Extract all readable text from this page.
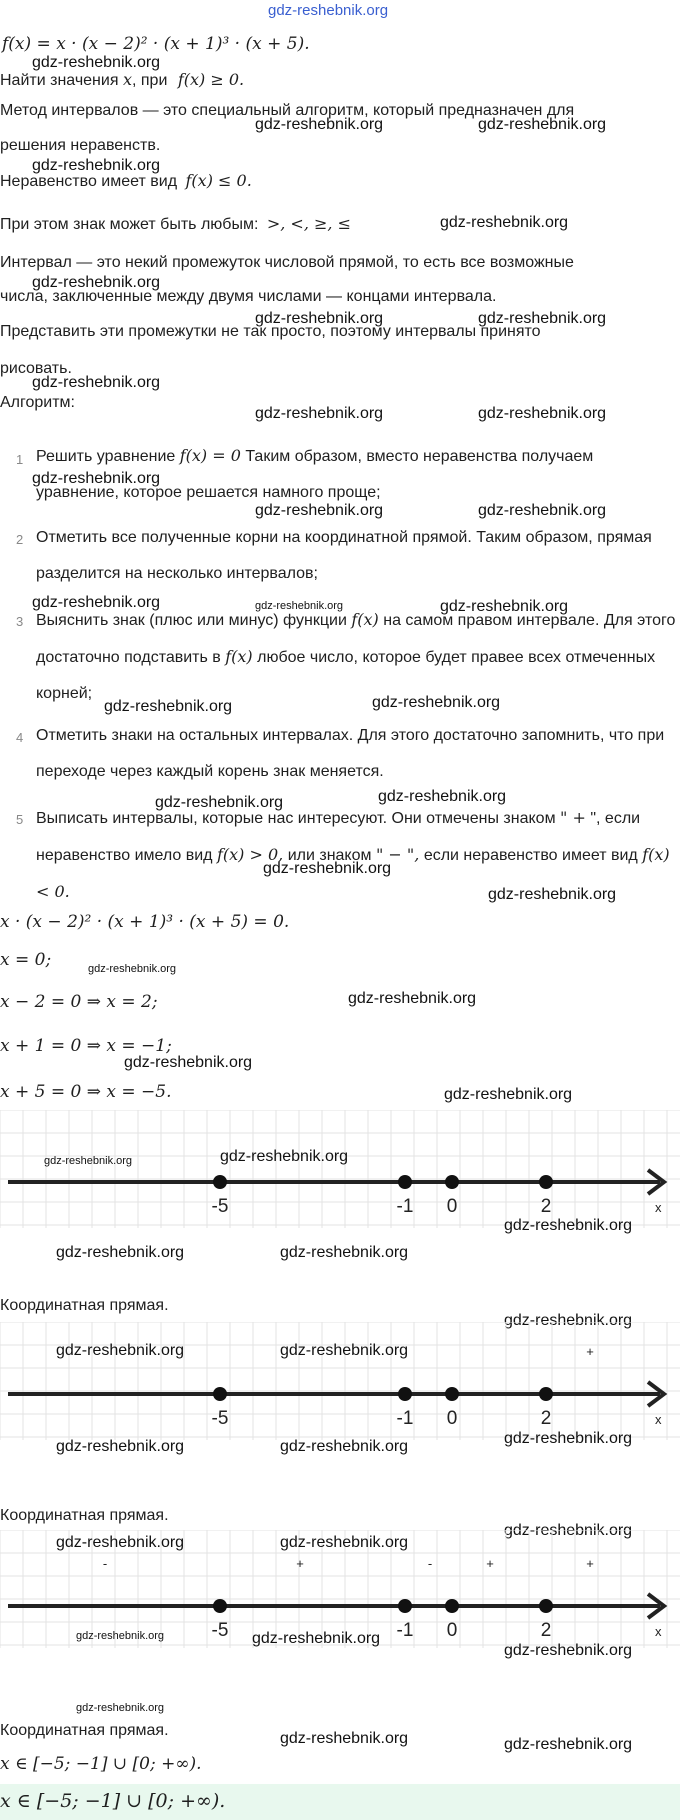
gdz-reshebnik.org
f(x) = x · (x − 2)² · (x + 1)³ · (x + 5).
gdz-reshebnik.org
Найти значения x, при f(x) ≥ 0.
Метод интервалов — это специальный алгоритм, который предназначен для
gdz-reshebnik.org	gdz-reshebnik.org
решения неравенств.
gdz-reshebnik.org
Неравенство имеет вид f(x) ≤ 0.
При этом знак может быть любым: >, <, ≥, ≤	gdz-reshebnik.org
Интервал — это некий промежуток числовой прямой, то есть все возможные
gdz-reshebnik.org
числа, заключенные между двумя числами — концами интервала.
gdz-reshebnik.org	gdz-reshebnik.org
Представить эти промежутки не так просто, поэтому интервалы принято
рисовать.
gdz-reshebnik.org
Алгоритм:
gdz-reshebnik.org	gdz-reshebnik.org
1 Решить уравнение f(x) = 0 Таким образом, вместо неравенства получаем уравнение, которое решается намного проще;
gdz-reshebnik.org
gdz-reshebnik.org	gdz-reshebnik.org
2 Отметить все полученные корни на координатной прямой. Таким образом, прямая разделится на несколько интервалов;
gdz-reshebnik.org	gdz-reshebnik.org	gdz-reshebnik.org
3 Выяснить знак (плюс или минус) функции f(x) на самом правом интервале. Для этого достаточно подставить в f(x) любое число, которое будет правее всех отмеченных корней;
gdz-reshebnik.org	gdz-reshebnik.org
4 Отметить знаки на остальных интервалах. Для этого достаточно запомнить, что при переходе через каждый корень знак меняется.
gdz-reshebnik.org	gdz-reshebnik.org
5 Выписать интервалы, которые нас интересуют. Они отмечены знаком " + ", если неравенство имело вид f(x) > 0, или знаком " − ", если неравенство имеет вид f(x) < 0.
gdz-reshebnik.org
gdz-reshebnik.org
x · (x − 2)² · (x + 1)³ · (x + 5) = 0.
x = 0;	gdz-reshebnik.org
x − 2 = 0 ⇒ x = 2;	gdz-reshebnik.org
x + 1 = 0 ⇒ x = −1;
gdz-reshebnik.org
x + 5 = 0 ⇒ x = −5.	gdz-reshebnik.org
-5	-1 0	2	x
gdz-reshebnik.org	gdz-reshebnik.org
gdz-reshebnik.org
gdz-reshebnik.org	gdz-reshebnik.org
Координатная прямая.
gdz-reshebnik.org
-5	-1 0	2	x
+
gdz-reshebnik.org	gdz-reshebnik.org
gdz-reshebnik.org
gdz-reshebnik.org	gdz-reshebnik.org
Координатная прямая.
gdz-reshebnik.org
-5	-1 0	2	x
-	+	-	+	+
gdz-reshebnik.org	gdz-reshebnik.org
gdz-reshebnik.org	gdz-reshebnik.org
gdz-reshebnik.org
gdz-reshebnik.org
Координатная прямая.	gdz-reshebnik.org	gdz-reshebnik.org
x ∈ [−5; −1] ∪ [0; +∞).
x ∈ [−5; −1] ∪ [0; +∞).
